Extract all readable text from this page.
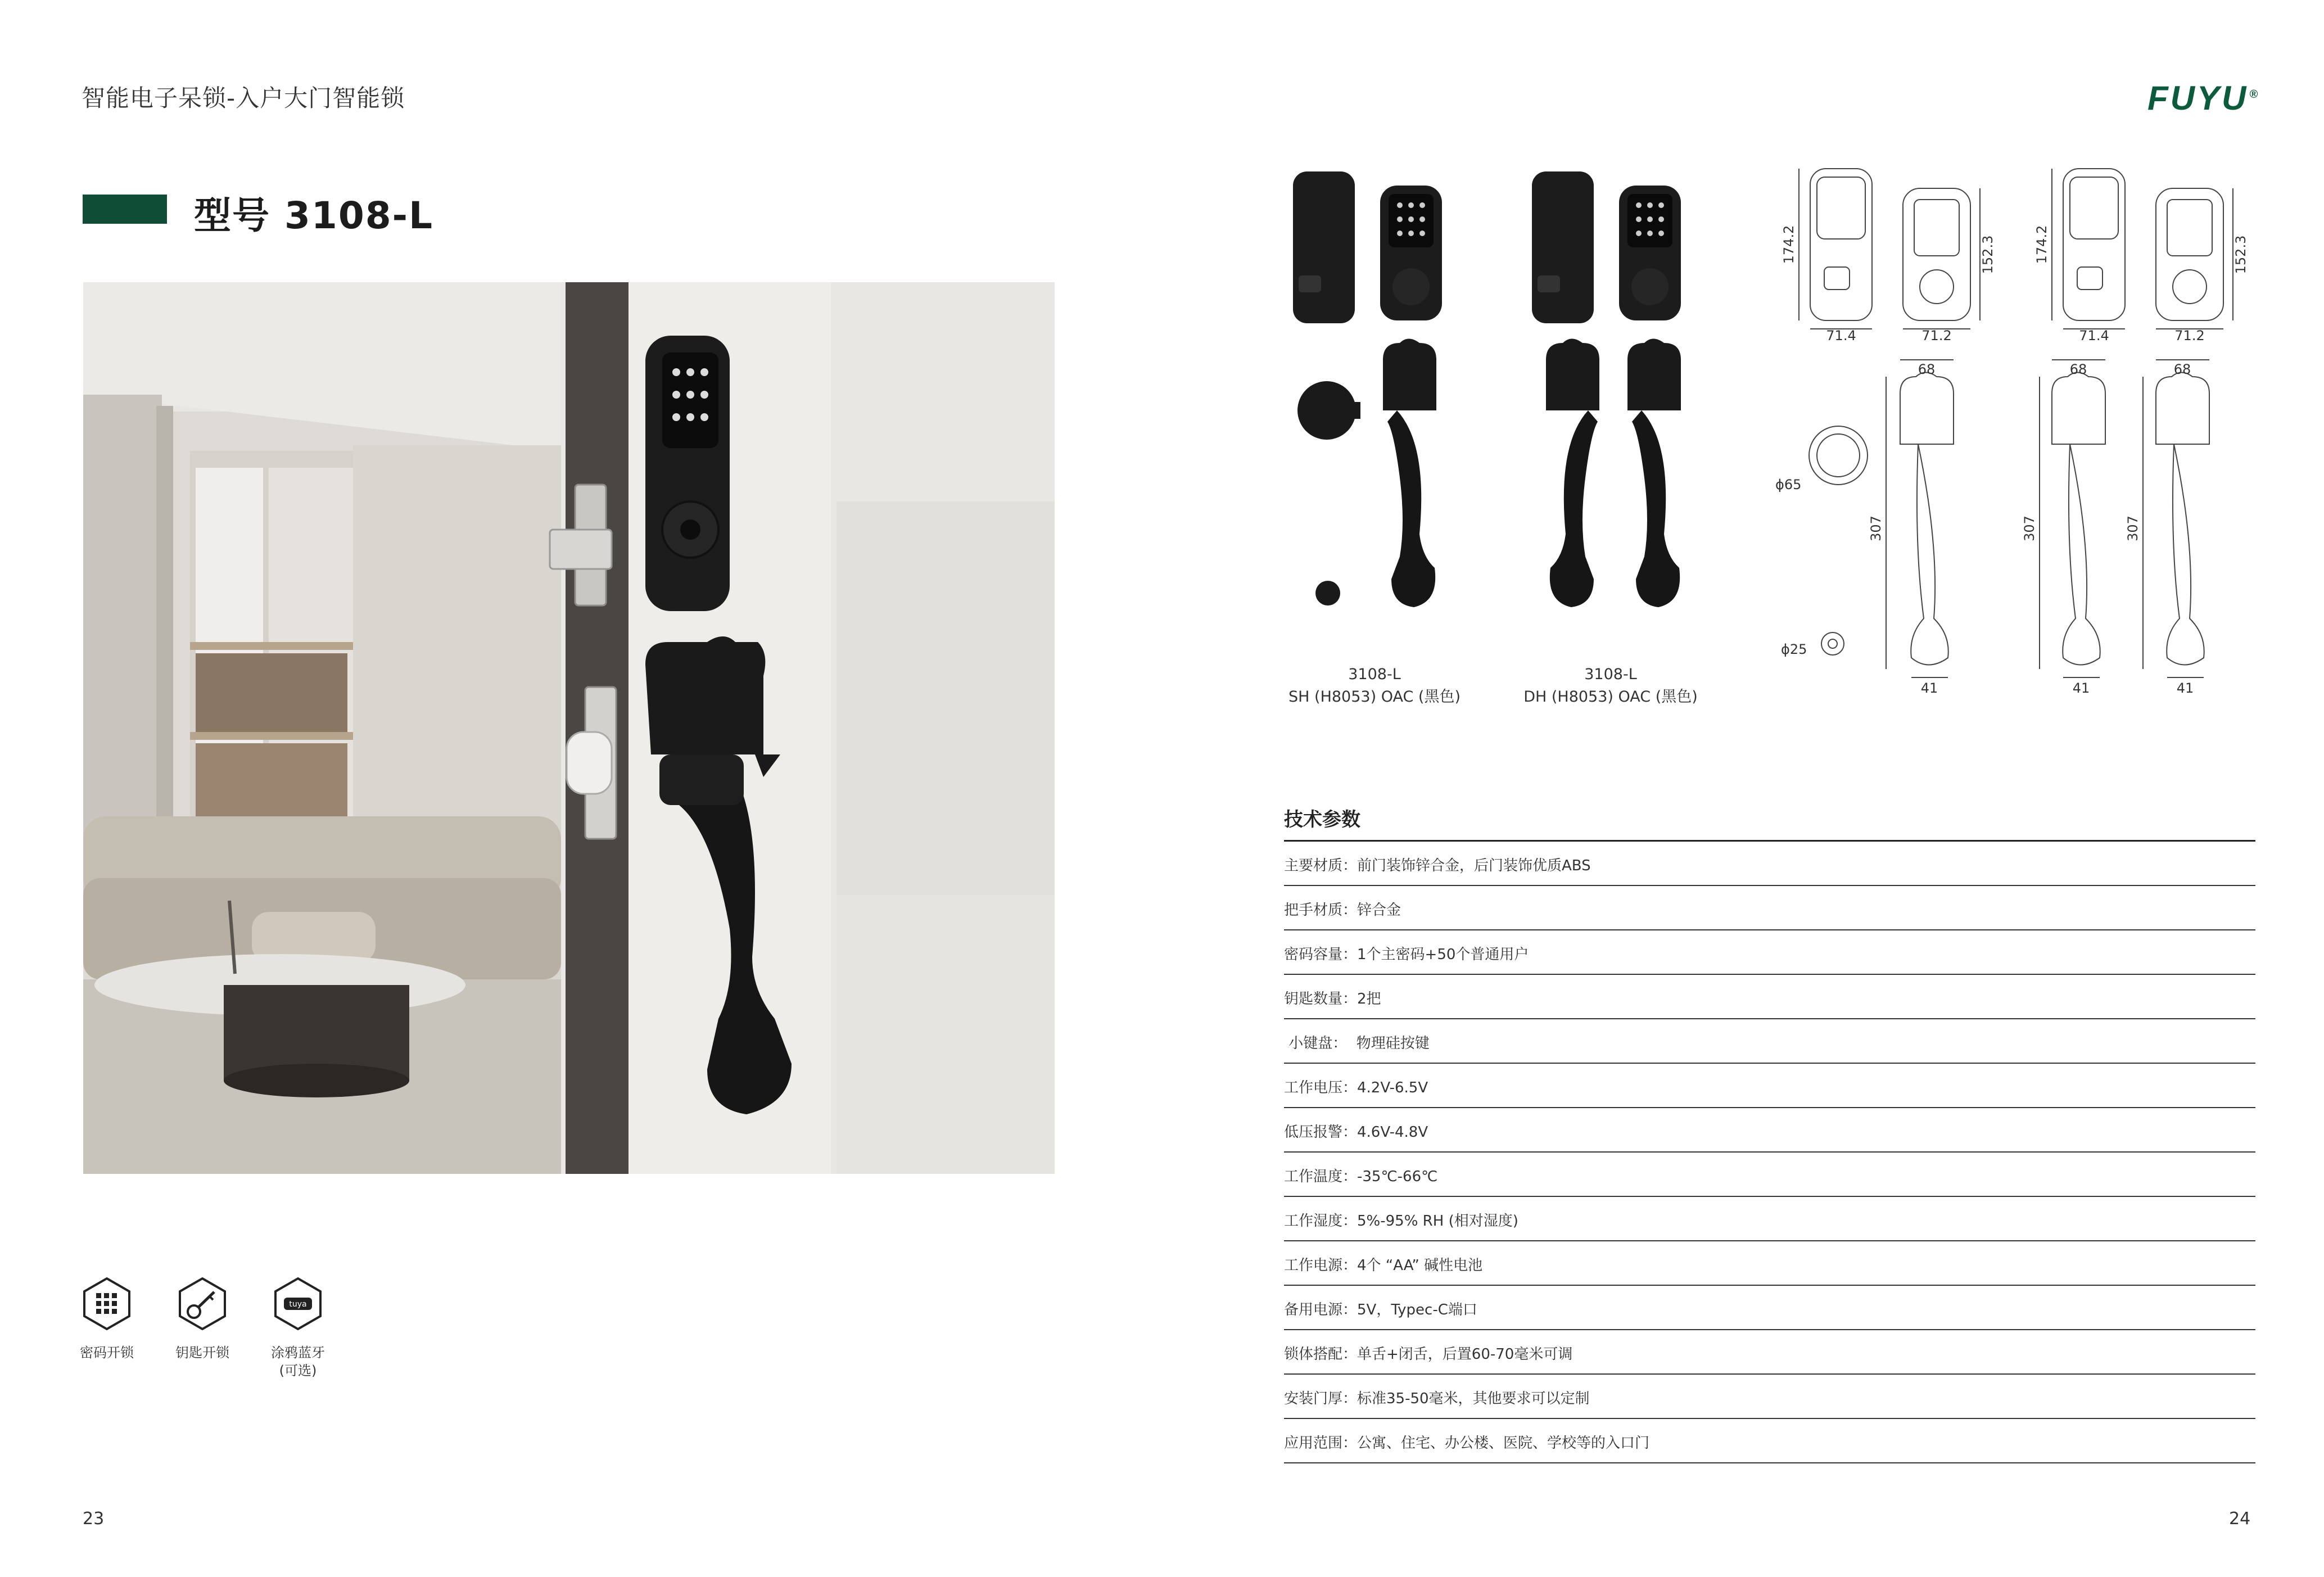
智能电子呆锁-入户大门智能锁
型号 3108-L
密码开锁	钥匙开锁
tuya
涂鸦蓝牙
(可选)
23
FUYU ®
3108-L
SH (H8053) OAC (黑色)
3108-L
DH (H8053) OAC (黑色)
174.2
71.4	71.2
152.3	174.2
71.4	71.2
152.3
68	68	68
307	307	307
41	41	41
ϕ65
ϕ25
技术参数
主要材质：前门装饰锌合金，后门装饰优质ABS
把手材质：锌合金
密码容量：1个主密码+50个普通用户
钥匙数量：2把
小键盘：  物理硅按键
工作电压：4.2V-6.5V
低压报警：4.6V-4.8V
工作温度：-35℃-66℃
工作湿度：5%-95% RH (相对湿度)
工作电源：4个 “AA” 碱性电池
备用电源：5V，Typec-C端口
锁体搭配：单舌+闭舌，后置60-70毫米可调
安装门厚：标准35-50毫米，其他要求可以定制
应用范围：公寓、住宅、办公楼、医院、学校等的入口门
24
